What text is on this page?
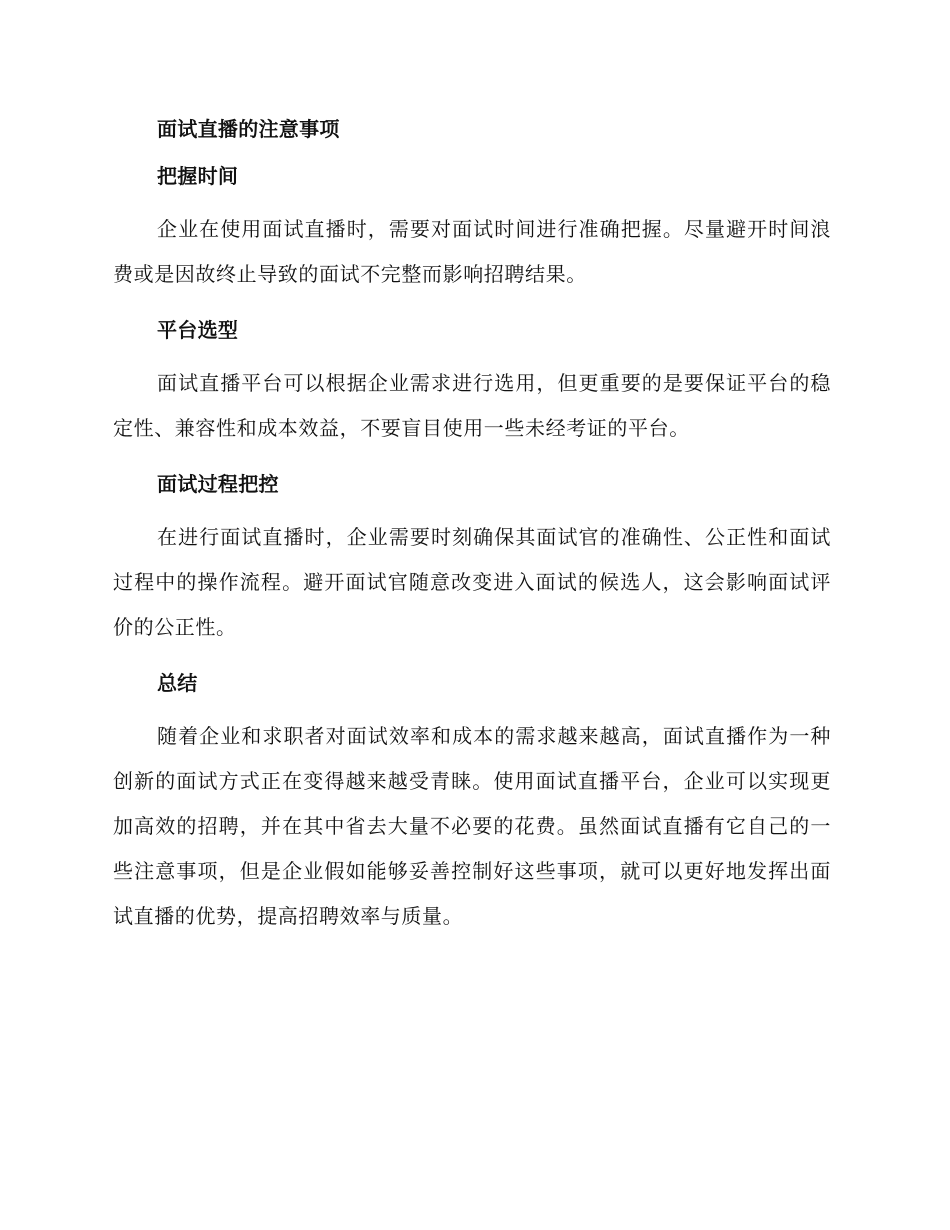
面试直播的注意事项
把握时间

企业在使用面试直播时，需要对面试时间进行准确把握。尽量避开时间浪费或是因故终止导致的面试不完整而影响招聘结果。

平台选型

面试直播平台可以根据企业需求进行选用，但更重要的是要保证平台的稳定性、兼容性和成本效益，不要盲目使用一些未经考证的平台。

面试过程把控

在进行面试直播时，企业需要时刻确保其面试官的准确性、公正性和面试过程中的操作流程。避开面试官随意改变进入面试的候选人，这会影响面试评价的公正性。

总结

随着企业和求职者对面试效率和成本的需求越来越高，面试直播作为一种创新的面试方式正在变得越来越受青睐。使用面试直播平台，企业可以实现更加高效的招聘，并在其中省去大量不必要的花费。虽然面试直播有它自己的一些注意事项，但是企业假如能够妥善控制好这些事项，就可以更好地发挥出面试直播的优势，提高招聘效率与质量。
